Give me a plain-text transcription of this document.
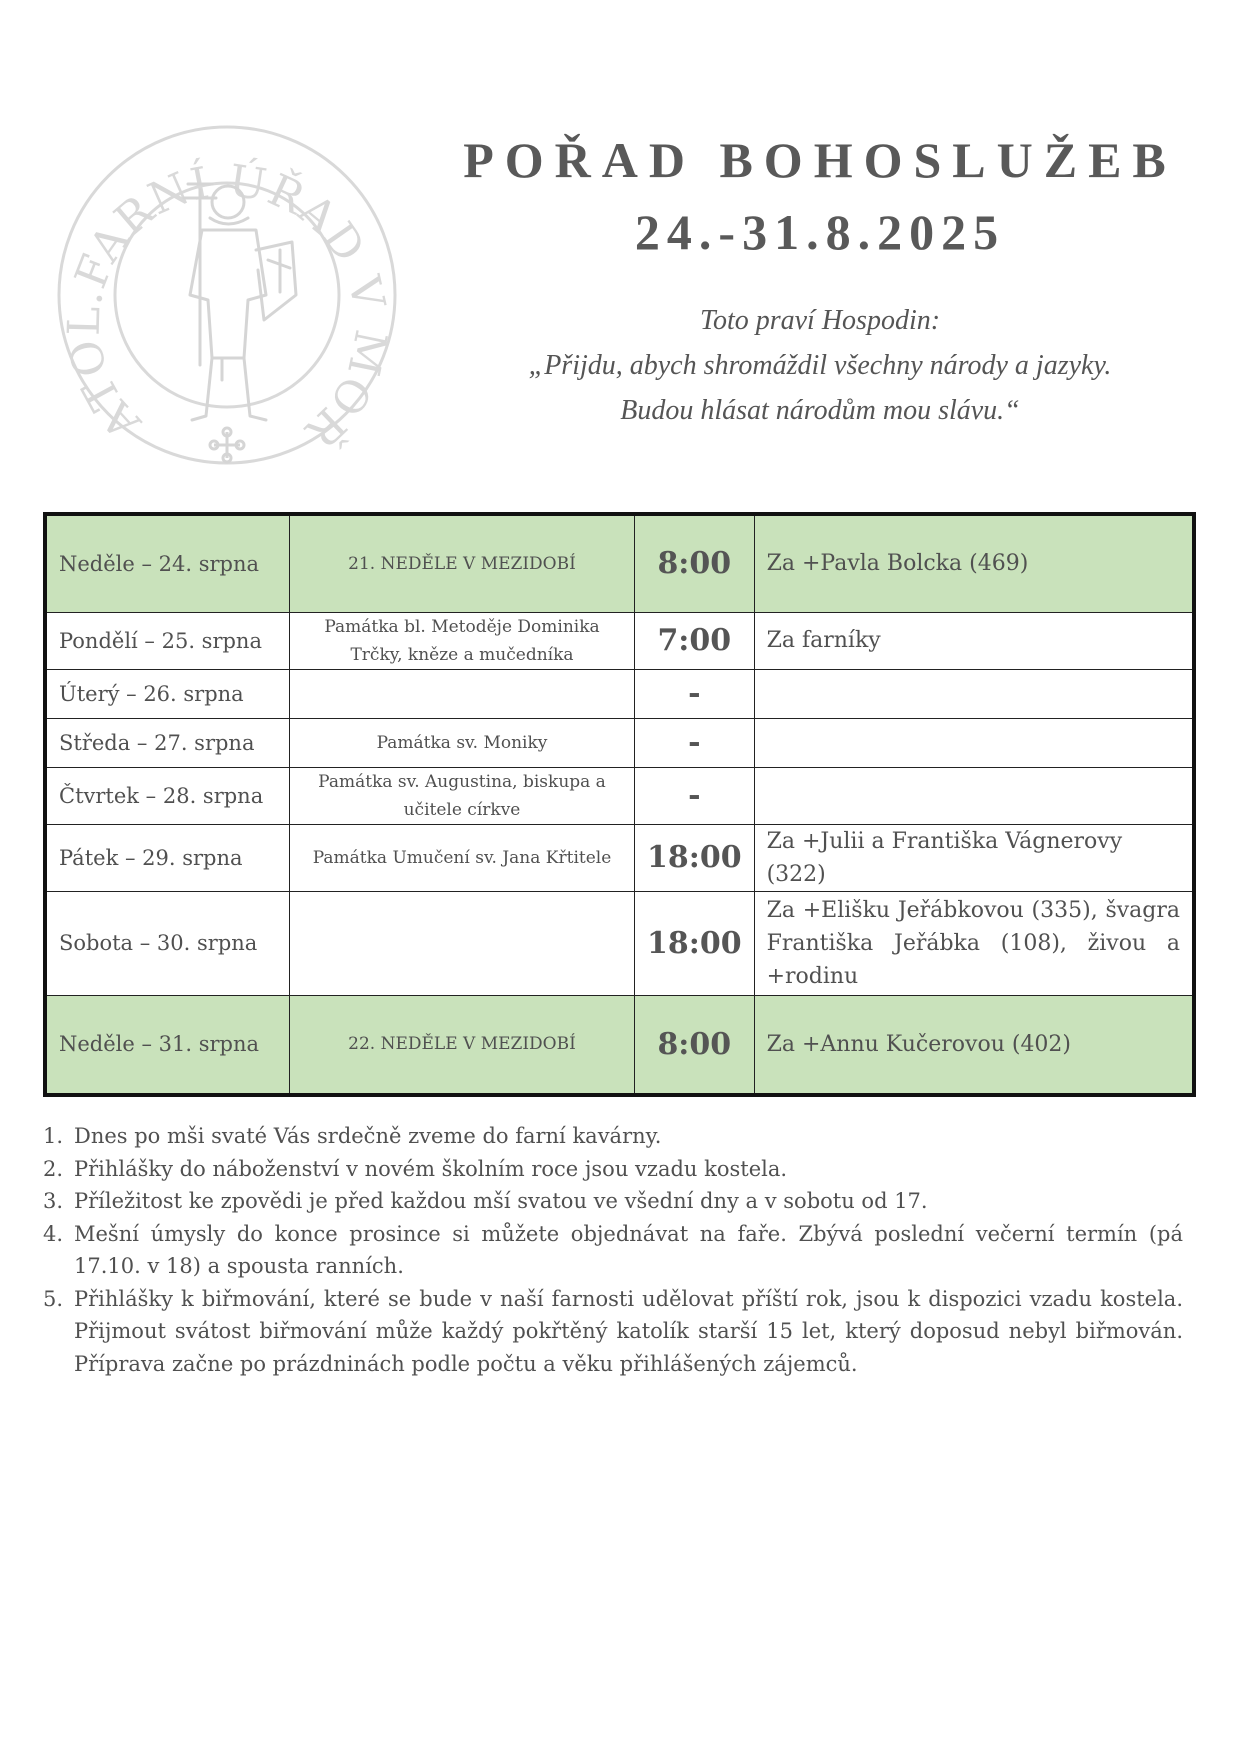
ATOL.FARNÍ ÚŘAD V MOŘ
POŘAD BOHOSLUŽEB
24.-31.8.2025
Toto praví Hospodin:
„Přijdu, abych shromáždil všechny národy a jazyky.
Budou hlásat národům mou slávu.“
Neděle – 24. srpna	21. NEDĚLE V MEZIDOBÍ	8:00	Za +Pavla Bolcka (469)
Pondělí – 25. srpna	Památka bl. Metoděje Dominika Trčky, kněze a mučedníka	7:00	Za farníky
Úterý – 26. srpna		-	
Středa – 27. srpna	Památka sv. Moniky	-	
Čtvrtek – 28. srpna	Památka sv. Augustina, biskupa a učitele církve	-	
Pátek – 29. srpna	Památka Umučení sv. Jana Křtitele	18:00	Za +Julii a Františka Vágnerovy (322)
Sobota – 30. srpna		18:00	Za +Elišku Jeřábkovou (335), švagra Františka Jeřábka (108), živou a +rodinu
Neděle – 31. srpna	22. NEDĚLE V MEZIDOBÍ	8:00	Za +Annu Kučerovou (402)
1. Dnes po mši svaté Vás srdečně zveme do farní kavárny.
2. Přihlášky do náboženství v novém školním roce jsou vzadu kostela.
3. Příležitost ke zpovědi je před každou mší svatou ve všední dny a v sobotu od 17.
4. Mešní úmysly do konce prosince si můžete objednávat na faře. Zbývá poslední večerní termín (pá 17.10. v 18) a spousta ranních.
5. Přihlášky k biřmování, které se bude v naší farnosti udělovat příští rok, jsou k dispozici vzadu kostela. Přijmout svátost biřmování může každý pokřtěný katolík starší 15 let, který doposud nebyl biřmován. Příprava začne po prázdninách podle počtu a věku přihlášených zájemců.
